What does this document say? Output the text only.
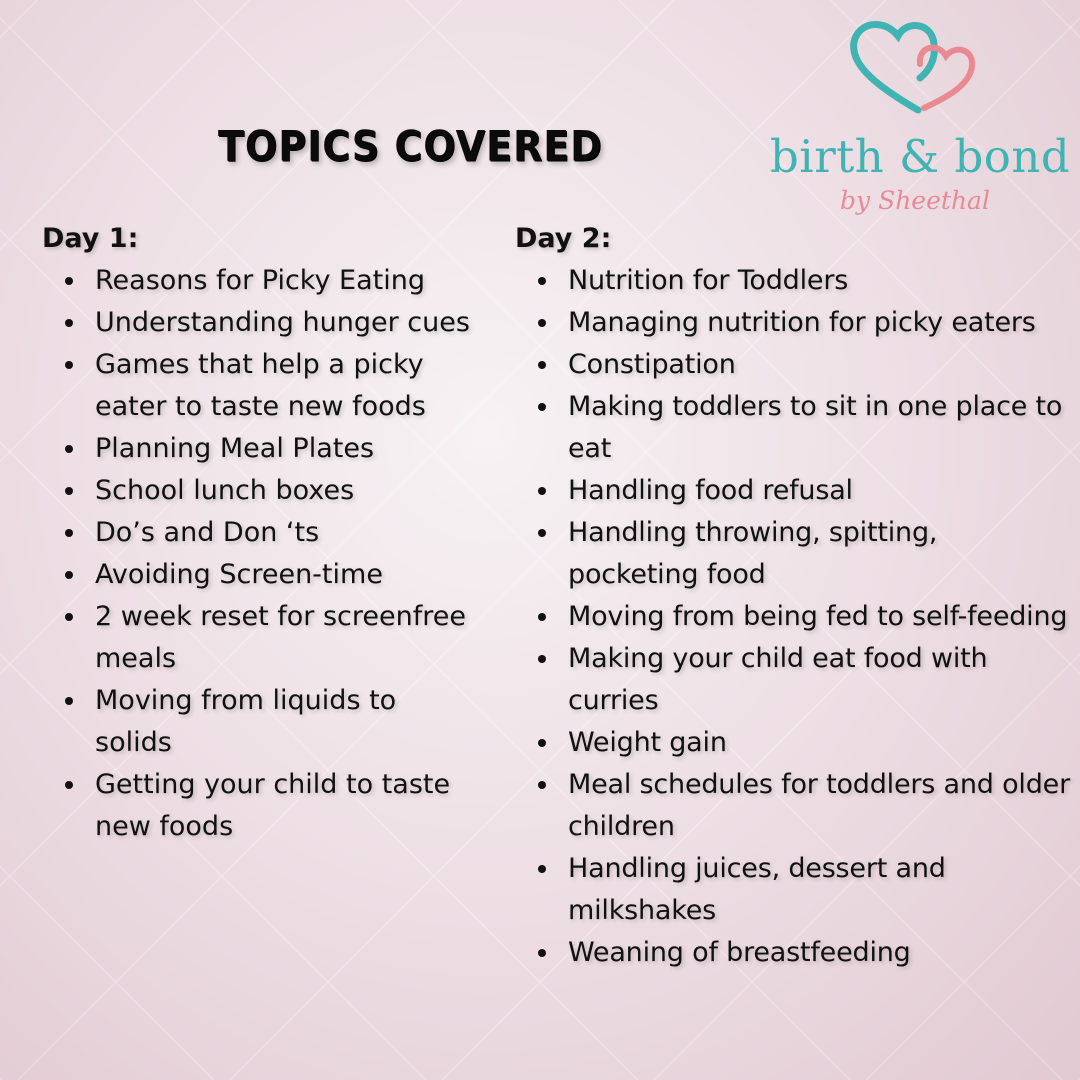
TOPICS COVERED	birth & bond
by Sheethal
Day 1:
Reasons for Picky Eating
Understanding hunger cues
Games that help a picky eater to taste new foods
Planning Meal Plates
School lunch boxes
Do’s and Don ‘ts
Avoiding Screen-time
2 week reset for screenfree meals
Moving from liquids to solids
Getting your child to taste new foods
Day 2:
Nutrition for Toddlers
Managing nutrition for picky eaters
Constipation
Making toddlers to sit in one place to eat
Handling food refusal
Handling throwing, spitting, pocketing food
Moving from being fed to self-feeding
Making your child eat food with curries
Weight gain
Meal schedules for toddlers and older children
Handling juices, dessert and milkshakes
Weaning of breastfeeding
